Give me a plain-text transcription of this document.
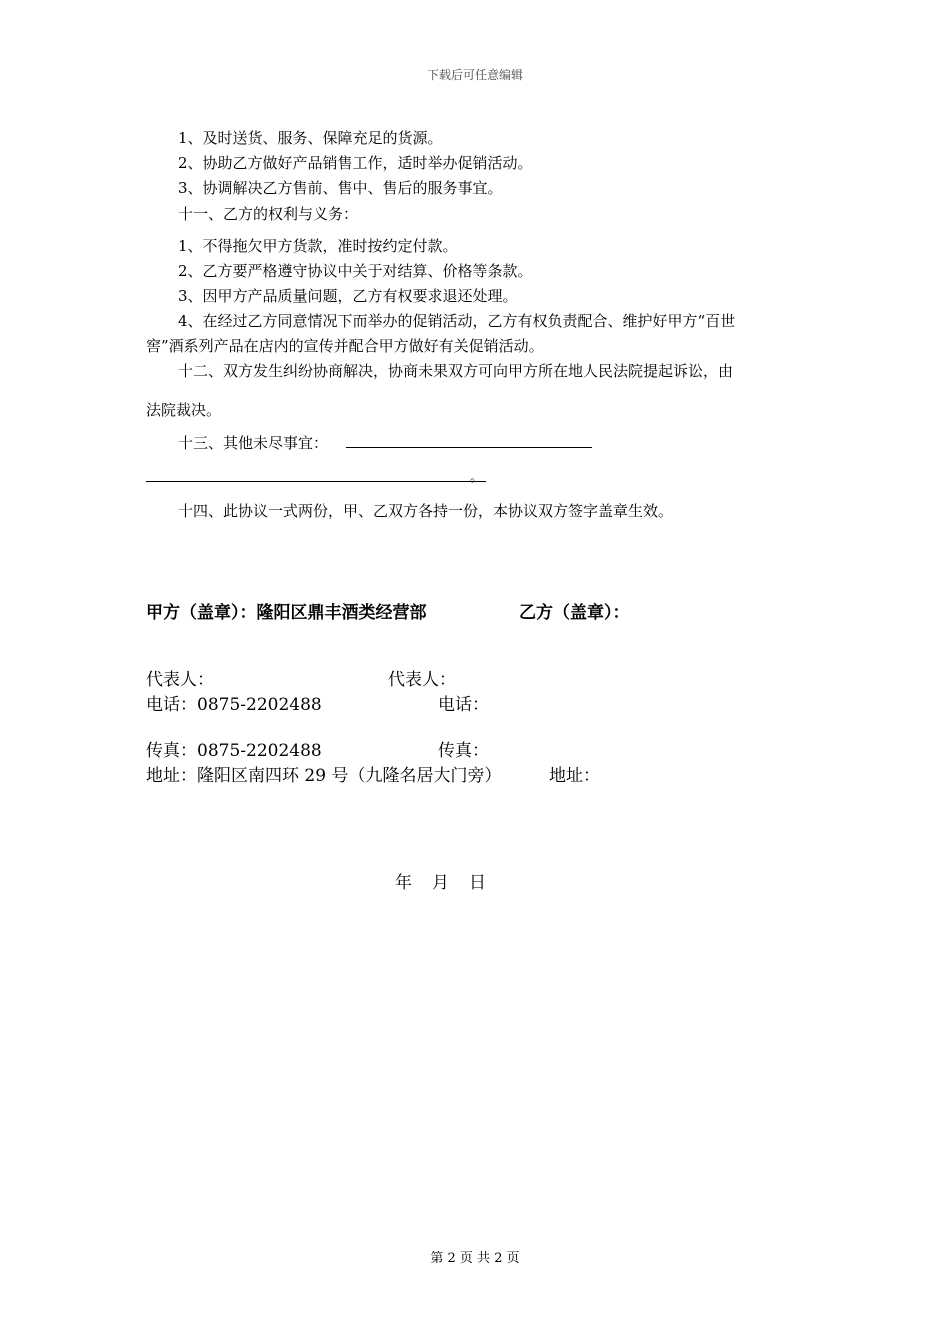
下载后可任意编辑
1、及时送货、服务、保障充足的货源。
2、协助乙方做好产品销售工作，适时举办促销活动。
3、协调解决乙方售前、售中、售后的服务事宜。
十一、乙方的权利与义务：
1、不得拖欠甲方货款，准时按约定付款。
2、乙方要严格遵守协议中关于对结算、价格等条款。
3、因甲方产品质量问题，乙方有权要求退还处理。
4、在经过乙方同意情况下而举办的促销活动，乙方有权负责配合、维护好甲方“百世
窖”酒系列产品在店内的宣传并配合甲方做好有关促销活动。
十二、双方发生纠纷协商解决，协商未果双方可向甲方所在地人民法院提起诉讼，由
法院裁决。
十三、其他未尽事宜：
。
十四、此协议一式两份，甲、乙双方各持一份，本协议双方签字盖章生效。
甲方（盖章）：隆阳区鼎丰酒类经营部	乙方（盖章）：
代表人：	代表人：
电话：0875-2202488	电话：
传真：0875-2202488	传真：
地址：隆阳区南四环 29 号（九隆名居大门旁）	地址：
年 月 日
第 2 页 共 2 页
